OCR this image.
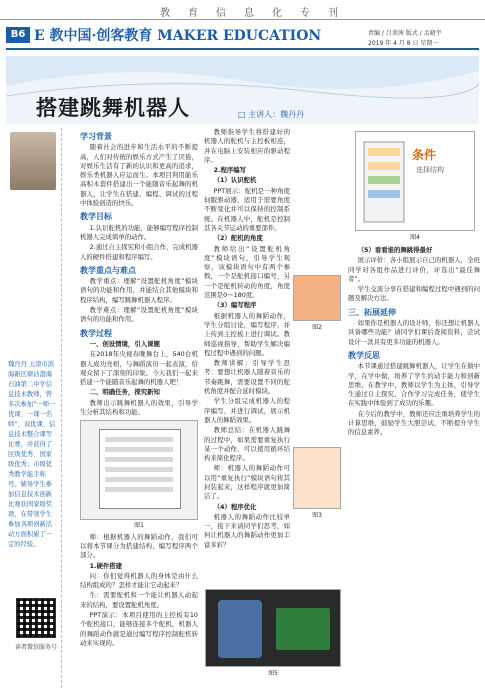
教育信息化专刊
B6 E 教中国·创客教育 MAKER EDUCATION	责编 / 吕翠茜 版式 / 孟晓宇
2019 年 4 月 8 日 星期一
搭建跳舞机器人	□ 主讲人：魏丹丹
魏丹丹 天津市滨海新区塘沽渤海石油第二中学信息技术教师，曾多次参加“一师一优课、一课一名师”、双优课、信息技术整合课等比赛，并获得了区级优秀、国家级优秀；市级优秀教学能手称号。辅导学生参加信息技术创新比赛获国家级奖项，在带领学生参加各项创新活动方面积累了一定的经验。
读者微信服务号
学习背景

随着社会的进步和生活水平的不断提高，人们对传统的娱乐方式产生了厌倦，对娱乐生活有了新的认识和更高的追求，娱乐类机器人应运而生。本项目利用能乐高积木套件搭建出一个能随音乐起舞的机器人，让学生在搭建、编程、调试的过程中体验创造的快乐。

教学目标

1.认识舵机的功能，能够编写程序控制机器人完成简单的动作。

2.通过自主探究和小组合作，完成机器人的硬件搭建和程序编写。

教学重点与难点

教学重点：理解“设置舵机角度”模块语句的功能和作用，并能结合其他模块和程序结构，编写跳舞机器人程序。

教学难点：理解“设置舵机角度”模块语句的功能和作用。

教学过程

一、创设情境，引入课题

在2018年央视春晚舞台上，540台机器人成功亮相，与舞蹈演员一起表演，给观众留下了深刻的印象。今天我们一起来搭建一个能随音乐起舞的机器人吧！

二、明确任务，探究新知

教师出示跳舞机器人的效果，引导学生分析其结构和功能。

图1

师：根据机器人的舞蹈动作，我们可以将本节课分为搭建结构、编写程序两个部分。

1.硬件搭建

问：你们觉得机器人的身体是由什么结构组成的？怎样才能让它动起来？

生：需要舵机和一个能让机器人动起来的结构，要设置舵机角度。

PPT演示：本项目使用的主控板有10个舵机接口，能够连接多个舵机，机器人的舞蹈动作就是通过编写程序控制舵机转动来实现的。

教师指导学生将搭建好的机器人的舵机与主控板相连，并在电脑上安装相应的驱动程序。

2.程序编写

（1）认识舵机

PPT展示：舵机是一种角度伺服驱动器，适用于需要角度不断变化并可以保持的控制系统。在机器人中，舵机是控制其各关节运动的重要部件。

（2）舵机的角度

教师给出“设置舵机角度”模块语句，引导学生观察，该模块语句中有两个参数，一个是舵机接口编号，另一个是舵机转动的角度，角度范围是0～180度。

（3）编写程序

根据机器人的舞蹈动作，学生分组讨论，编写程序，并上传到主控板上进行调试。教师巡视指导，帮助学生解决编程过程中遇到的问题。

教师讲解：引导学生思考：要想让机器人随着音乐的节奏跳舞，需要设置不同的舵机角度并配合延时模块。

学生分组完成机器人的程序编写，并进行调试，展示机器人的舞蹈效果。

教师总结：在机器人跳舞的过程中，如果需要重复执行某一个动作，可以使用循环结构来简化程序。

师：机器人的舞蹈动作可以用“重复执行”模块语句将其封装起来，这样程序就更加简洁了。

（4）程序优化

机器人的舞蹈动作比较单一，接下来请同学们思考，如何让机器人的舞蹈动作更加丰富多彩？

图2
图3
条件
选择结构
图4

（5）看看谁的舞跳得最好

展示评价：各小组展示自己的机器人，全班同学对各组作品进行评价，评选出“最佳舞者”。

学生交流分享在搭建和编程过程中遇到的问题及解决方法。

三、拓展延伸

如果你是机器人的设计师，你还想让机器人具备哪些功能？请同学们课后查阅资料，尝试设计一款具有更多功能的机器人。

教学反思

本节课通过搭建跳舞机器人，让学生在做中学，在学中做，培养了学生的动手能力和创新思维。在教学中，教师以学生为主体，引导学生通过自主探究、合作学习完成任务，使学生在实践中体验到了成功的乐趣。

在今后的教学中，教师还应注重培养学生的计算思维，鼓励学生大胆尝试，不断提升学生的信息素养。

图5
